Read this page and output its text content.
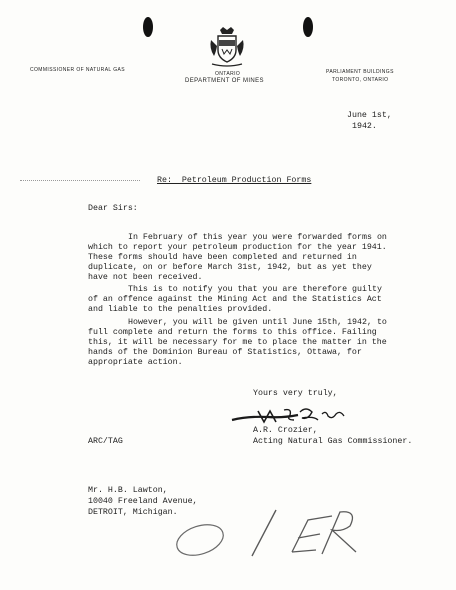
COMMISSIONER OF NATURAL GAS
ONTARIO
DEPARTMENT OF MINES
PARLIAMENT BUILDINGS
TORONTO, ONTARIO
June 1st,
1942.
Re:  Petroleum Production Forms
Dear Sirs:
In February of this year you were forwarded forms on which to report your petroleum production for the year 1941. These forms should have been completed and returned in duplicate, on or before March 31st, 1942, but as yet they have not been received.
This is to notify you that you are therefore guilty of an offence against the Mining Act and the Statistics Act and liable to the penalties provided.
However, you will be given until June 15th, 1942, to full complete and return the forms to this office. Failing this, it will be necessary for me to place the matter in the hands of the Dominion Bureau of Statistics, Ottawa, for appropriate action.
Yours very truly,
A.R. Crozier,
Acting Natural Gas Commissioner.
ARC/TAG
Mr. H.B. Lawton,
10040 Freeland Avenue,
DETROIT, Michigan.
